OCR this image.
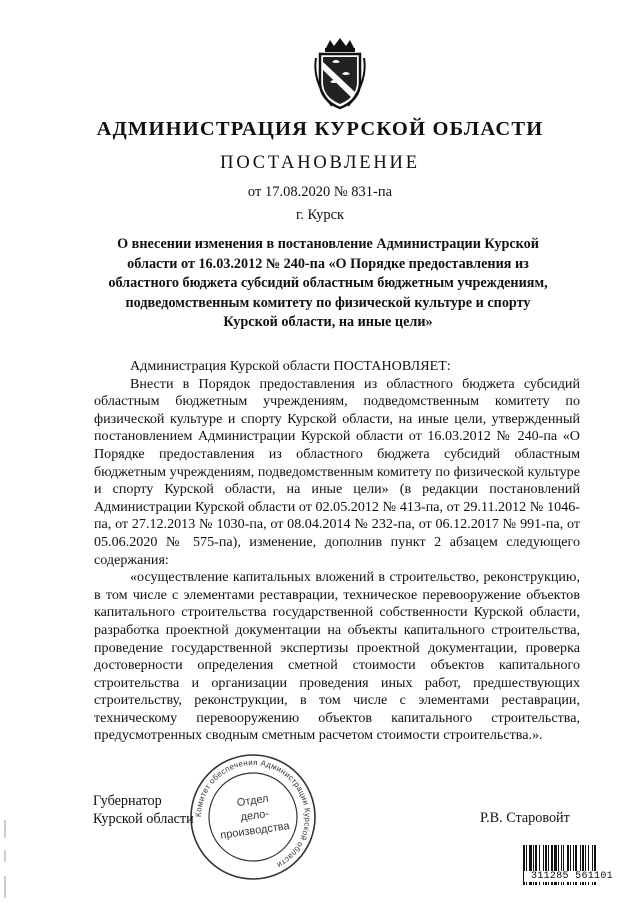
АДМИНИСТРАЦИЯ КУРСКОЙ ОБЛАСТИ
ПОСТАНОВЛЕНИЕ
от 17.08.2020 № 831-па
г. Курск
О внесении изменения в постановление Администрации Курской
области от 16.03.2012 № 240-па «О Порядке предоставления из
областного бюджета субсидий областным бюджетным учреждениям,
подведомственным комитету по физической культуре и спорту
Курской области, на иные цели»

Администрация Курской области ПОСТАНОВЛЯЕТ:

Внести в Порядок предоставления из областного бюджета субсидий областным бюджетным учреждениям, подведомственным комитету по физической культуре и спорту Курской области, на иные цели, утвержденный постановлением Администрации Курской области от 16.03.2012 № 240-па «О Порядке предоставления из областного бюджета субсидий областным бюджетным учреждениям, подведомственным комитету по физической культуре и спорту Курской области, на иные цели» (в редакции постановлений Администрации Курской области от 02.05.2012 № 413-па, от 29.11.2012 № 1046-па, от 27.12.2013 № 1030-па, от 08.04.2014 № 232-па, от 06.12.2017 № 991-па, от 05.06.2020 № 575-па), изменение, дополнив пункт 2 абзацем следующего содержания:

«осуществление капитальных вложений в строительство, реконструкцию, в том числе с элементами реставрации, техническое перевооружение объектов капитального строительства государственной собственности Курской области, разработка проектной документации на объекты капитального строительства, проведение государственной экспертизы проектной документации, проверка достоверности определения сметной стоимости объектов капитального строительства и организации проведения иных работ, предшествующих строительству, реконструкции, в том числе с элементами реставрации, техническому перевооружению объектов капитального строительства, предусмотренных сводным сметным расчетом стоимости строительства.».

Комитет обеспечения Администрации Курской области
Отдел
дело-
производства
Губернатор
Курской области	Р.В. Старовойт
311285 561101
